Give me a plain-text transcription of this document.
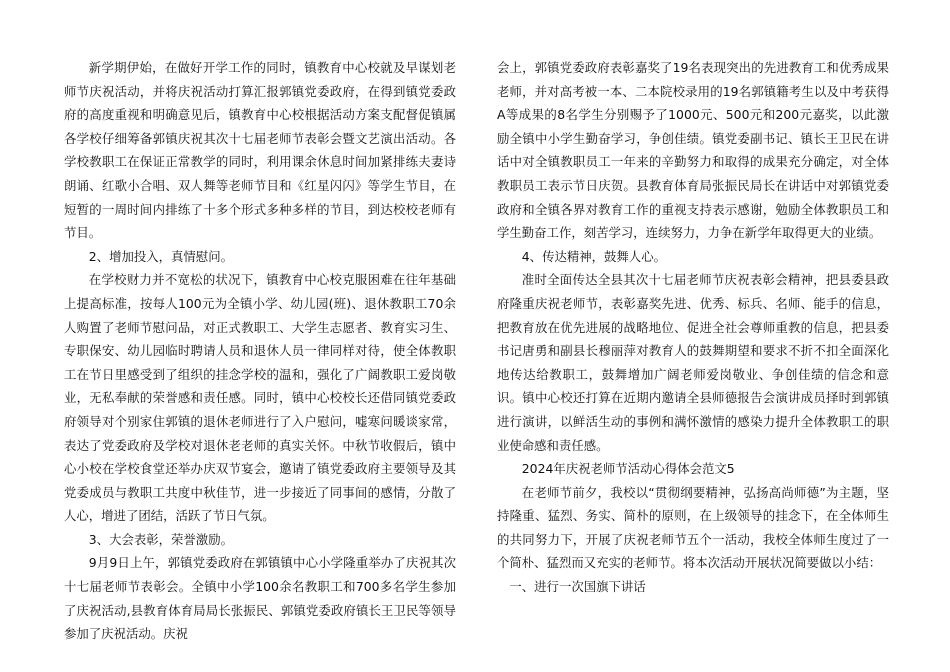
新学期伊始，在做好开学工作的同时，镇教育中心校就及早谋划老师节庆祝活动，并将庆祝活动打算汇报郭镇党委政府，在得到镇党委政府的高度重视和明确意见后，镇教育中心校根据活动方案支配督促镇属各学校仔细筹备郭镇庆祝其次十七届老师节表彰会暨文艺演出活动。各学校教职工在保证正常教学的同时，利用课余休息时间加紧排练夫妻诗朗诵、红歌小合唱、双人舞等老师节目和《红星闪闪》等学生节目，在短暂的一周时间内排练了十多个形式多种多样的节目，到达校校老师有节目。

2、增加投入，真情慰问。

在学校财力并不宽松的状况下，镇教育中心校克服困难在往年基础上提高标准，按每人100元为全镇小学、幼儿园(班)、退休教职工70余人购置了老师节慰问品，对正式教职工、大学生志愿者、教育实习生、专职保安、幼儿园临时聘请人员和退休人员一律同样对待，使全体教职工在节日里感受到了组织的挂念学校的温和，强化了广阔教职工爱岗敬业，无私奉献的荣誉感和责任感。同时，镇中心校校长还借同镇党委政府领导对个别家住郭镇的退休老师进行了入户慰问，嘘寒问暖谈家常，表达了党委政府及学校对退休老老师的真实关怀。中秋节收假后，镇中心小校在学校食堂还举办庆双节宴会，邀请了镇党委政府主要领导及其党委成员与教职工共度中秋佳节，进一步接近了同事间的感情，分散了人心，增进了团结，活跃了节日气氛。

3、大会表彰，荣誉激励。

9月9日上午，郭镇党委政府在郭镇镇中心小学隆重举办了庆祝其次十七届老师节表彰会。全镇中小学100余名教职工和700多名学生参加了庆祝活动,县教育体育局局长张振民、郭镇党委政府镇长王卫民等领导参加了庆祝活动。庆祝

会上，郭镇党委政府表彰嘉奖了19名表现突出的先进教育工和优秀成果老师，并对高考被一本、二本院校录用的19名郭镇籍考生以及中考获得A等成果的8名学生分别赐予了1000元、500元和200元嘉奖，以此激励全镇中小学生勤奋学习，争创佳绩。镇党委副书记、镇长王卫民在讲话中对全镇教职员工一年来的辛勤努力和取得的成果充分确定，对全体教职员工表示节日庆贺。县教育体育局张振民局长在讲话中对郭镇党委政府和全镇各界对教育工作的重视支持表示感谢，勉励全体教职员工和学生勤奋工作，刻苦学习，连续努力，力争在新学年取得更大的业绩。

4、传达精神，鼓舞人心。

准时全面传达全县其次十七届老师节庆祝表彰会精神，把县委县政府隆重庆祝老师节，表彰嘉奖先进、优秀、标兵、名师、能手的信息，把教育放在优先进展的战略地位、促进全社会尊师重教的信息，把县委书记唐勇和副县长穆丽萍对教育人的鼓舞期望和要求不折不扣全面深化地传达给教职工，鼓舞增加广阔老师爱岗敬业、争创佳绩的信念和意识。镇中心校还打算在近期内邀请全县师德报告会演讲成员择时到郭镇进行演讲，以鲜活生动的事例和满怀激情的感染力提升全体教职工的职业使命感和责任感。

2024年庆祝老师节活动心得体会范文5

在老师节前夕，我校以“贯彻纲要精神，弘扬高尚师德”为主题，坚持隆重、猛烈、务实、简朴的原则，在上级领导的挂念下，在全体师生的共同努力下，开展了庆祝老师节五个一活动，我校全体师生度过了一个简朴、猛烈而又充实的老师节。将本次活动开展状况简要做以小结：

一、进行一次国旗下讲话
